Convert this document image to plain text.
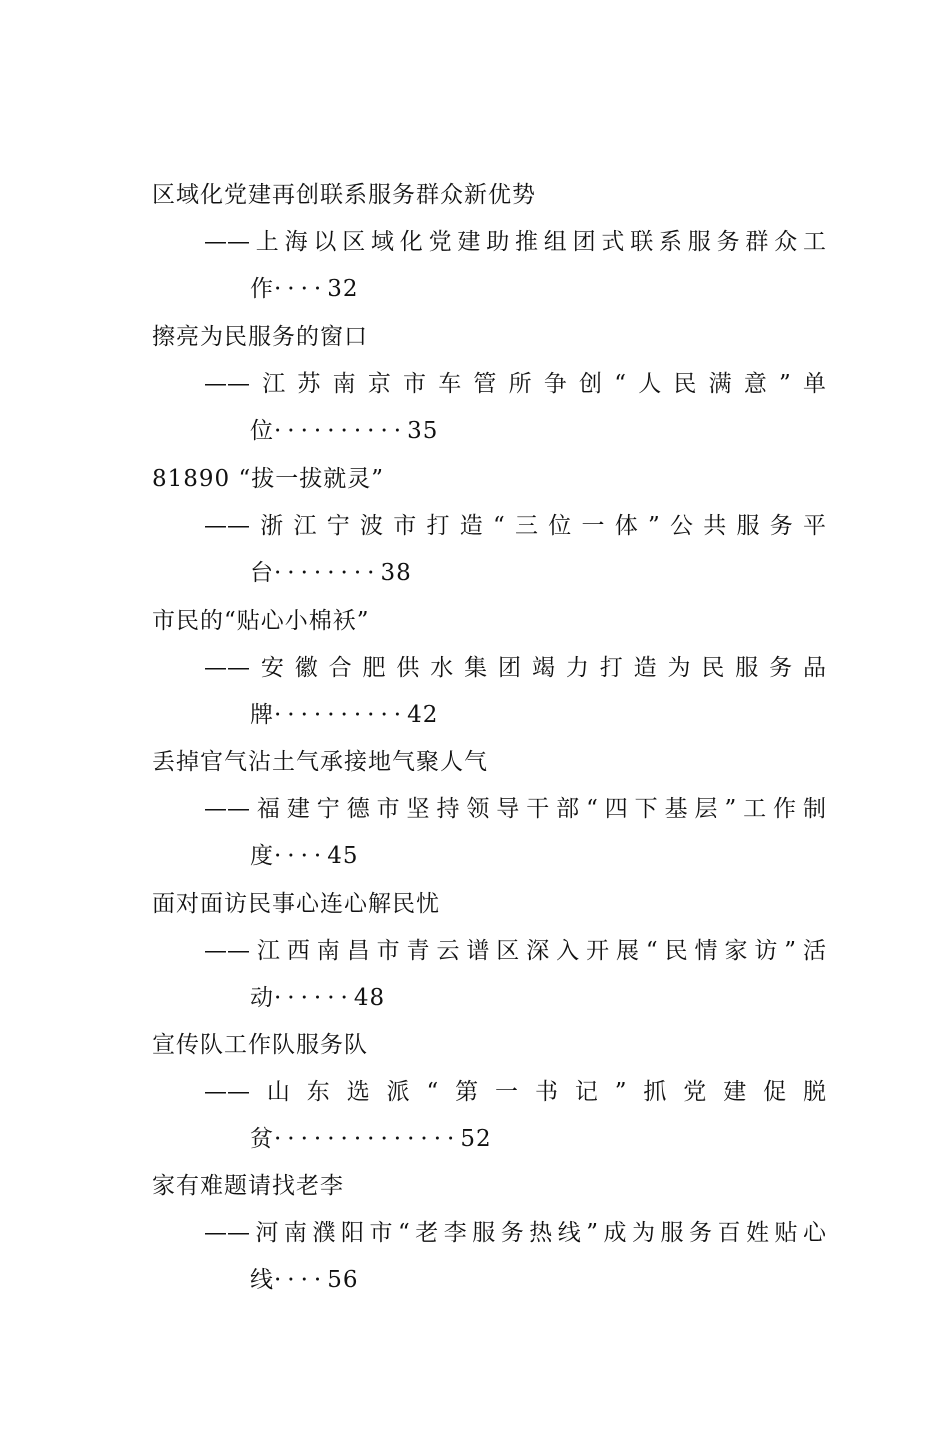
区域化党建再创联系服务群众新优势
——上海以区域化党建助推组团式联系服务群众工
作····32
擦亮为民服务的窗口
——江苏南京市车管所争创“人民满意”单
位··········35
81890 “拔一拔就灵”
——浙江宁波市打造“三位一体”公共服务平
台········38
市民的“贴心小棉袄”
——安徽合肥供水集团竭力打造为民服务品
牌··········42
丢掉官气沾土气承接地气聚人气
——福建宁德市坚持领导干部“四下基层”工作制
度····45
面对面访民事心连心解民忧
——江西南昌市青云谱区深入开展“民情家访”活
动······48
宣传队工作队服务队
——山东选派“第一书记”抓党建促脱
贫··············52
家有难题请找老李
——河南濮阳市“老李服务热线”成为服务百姓贴心
线····56
